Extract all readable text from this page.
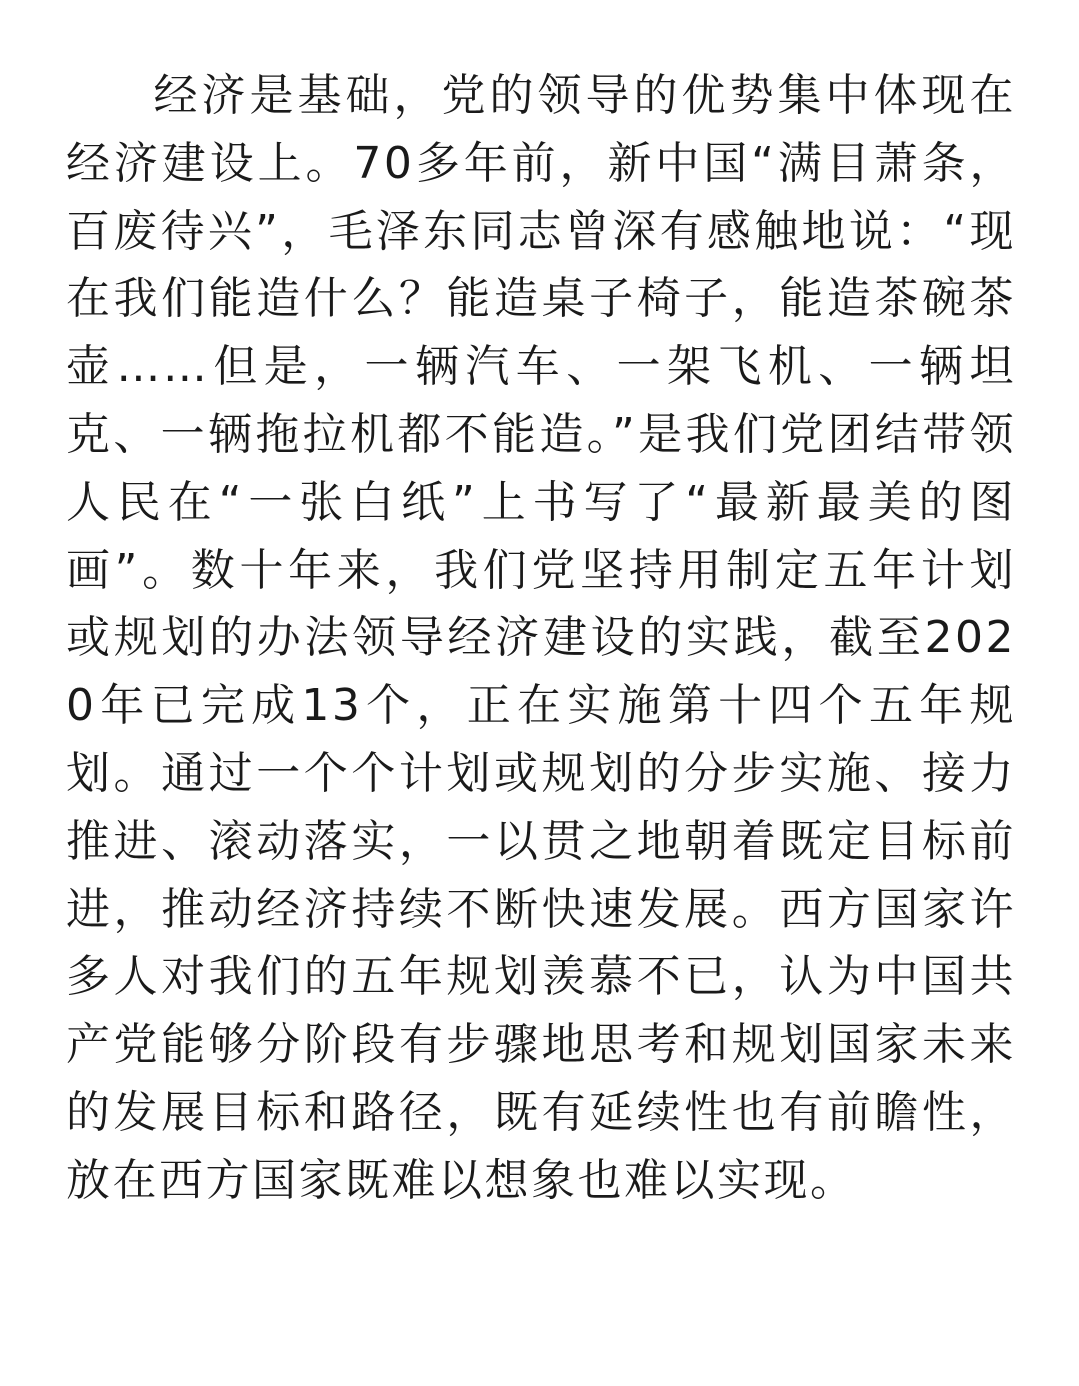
经济是基础，党的领导的优势集中体现在经济建设上。70多年前，新中国“满目萧条，百废待兴”，毛泽东同志曾深有感触地说：“现在我们能造什么？能造桌子椅子，能造茶碗茶壶……但是，一辆汽车、一架飞机、一辆坦克、一辆拖拉机都不能造。”是我们党团结带领人民在“一张白纸”上书写了“最新最美的图画”。数十年来，我们党坚持用制定五年计划或规划的办法领导经济建设的实践，截至2020年已完成13个，正在实施第十四个五年规划。通过一个个计划或规划的分步实施、接力推进、滚动落实，一以贯之地朝着既定目标前进，推动经济持续不断快速发展。西方国家许多人对我们的五年规划羡慕不已，认为中国共产党能够分阶段有步骤地思考和规划国家未来的发展目标和路径，既有延续性也有前瞻性，放在西方国家既难以想象也难以实现。
